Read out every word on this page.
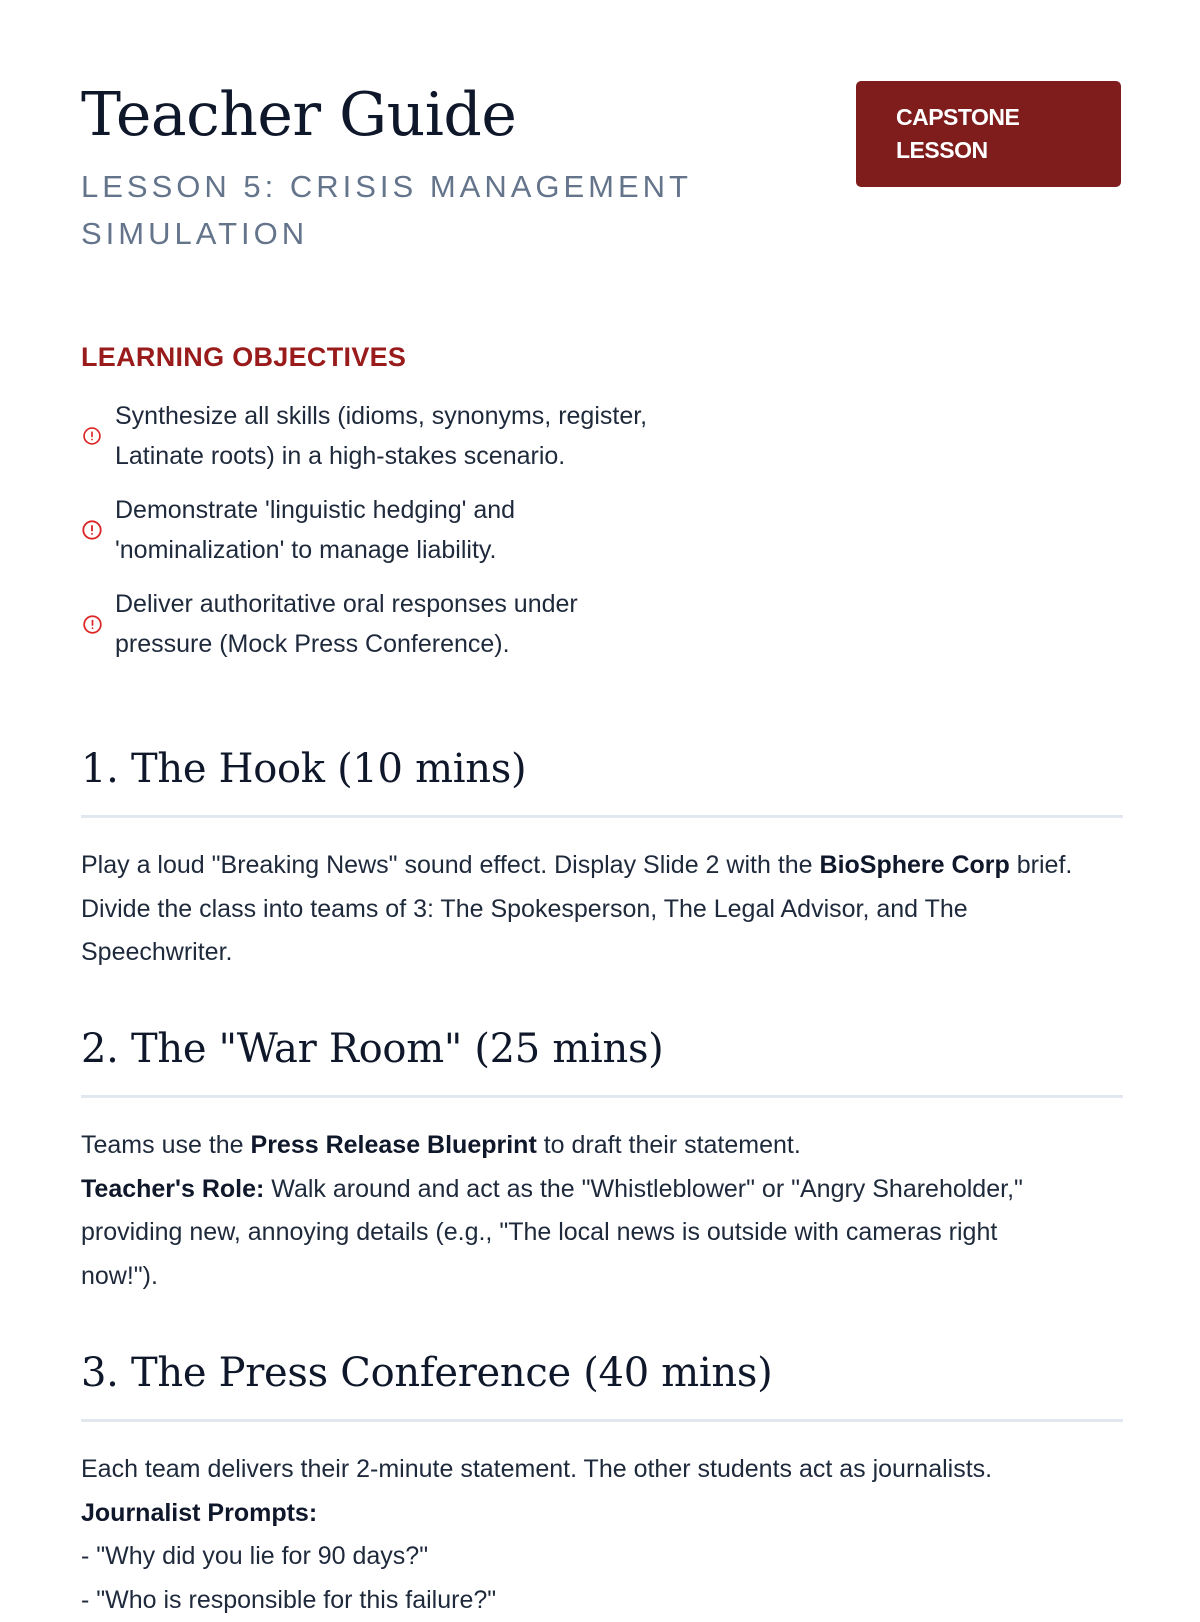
Teacher Guide

LESSON 5: CRISIS MANAGEMENT SIMULATION

CAPSTONE LESSON
LEARNING OBJECTIVES
Synthesize all skills (idioms, synonyms, register, Latinate roots) in a high-stakes scenario.
Demonstrate 'linguistic hedging' and 'nominalization' to manage liability.
Deliver authoritative oral responses under pressure (Mock Press Conference).
1. The Hook (10 mins)

Play a loud "Breaking News" sound effect. Display Slide 2 with the BioSphere Corp brief. Divide the class into teams of 3: The Spokesperson, The Legal Advisor, and The Speechwriter.

2. The "War Room" (25 mins)

Teams use the Press Release Blueprint to draft their statement.
Teacher's Role: Walk around and act as the "Whistleblower" or "Angry Shareholder," providing new, annoying details (e.g., "The local news is outside with cameras right now!").

3. The Press Conference (40 mins)

Each team delivers their 2-minute statement. The other students act as journalists.
Journalist Prompts:
- "Why did you lie for 90 days?"
- "Who is responsible for this failure?"
